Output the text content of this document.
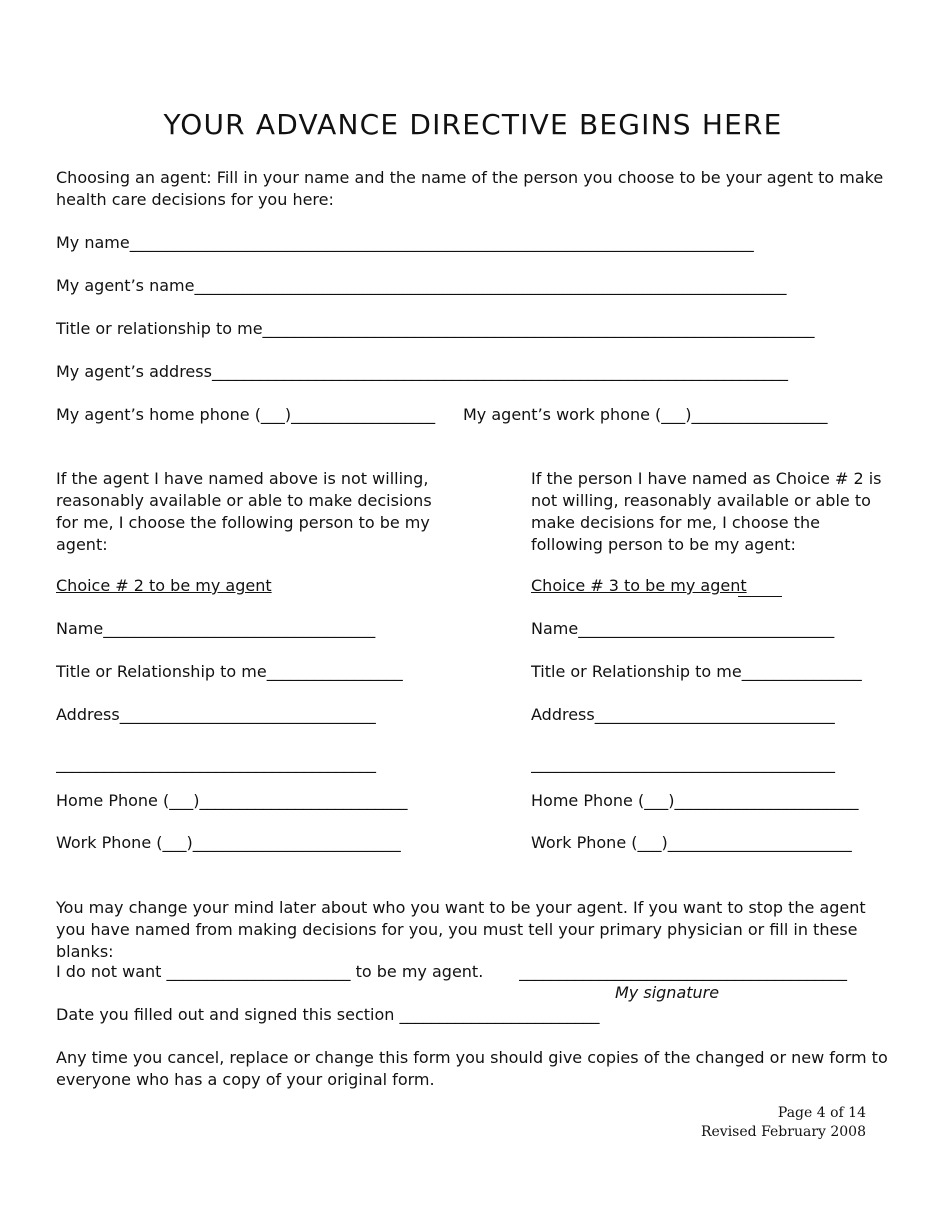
YOUR ADVANCE DIRECTIVE BEGINS HERE
Choosing an agent: Fill in your name and the name of the person you choose to be your agent to make health care decisions for you here:
My name______________________________________________________________________________
My agent’s name__________________________________________________________________________
Title or relationship to me_____________________________________________________________________
My agent’s address________________________________________________________________________
My agent’s home phone (___)__________________	My agent’s work phone (___)_________________
If the agent I have named above is not willing, reasonably available or able to make decisions for me, I choose the following person to be my agent:
Choice # 2 to be my agent
Name__________________________________
Title or Relationship to me_________________
Address________________________________
________________________________________
Home Phone (___)__________________________
Work Phone (___)__________________________
If the person I have named as Choice # 2 is not willing, reasonably available or able to make decisions for me, I choose the following person to be my agent:
Choice # 3 to be my agent
Name________________________________
Title or Relationship to me_______________
Address______________________________
______________________________________
Home Phone (___)_______________________
Work Phone (___)_______________________
You may change your mind later about who you want to be your agent. If you want to stop the agent you have named from making decisions for you, you must tell your primary physician or fill in these blanks:
I do not want _______________________ to be my agent.	_________________________________________
My signature
Date you filled out and signed this section _________________________
Any time you cancel, replace or change this form you should give copies of the changed or new form to everyone who has a copy of your original form.
Page 4 of 14
Revised February 2008
